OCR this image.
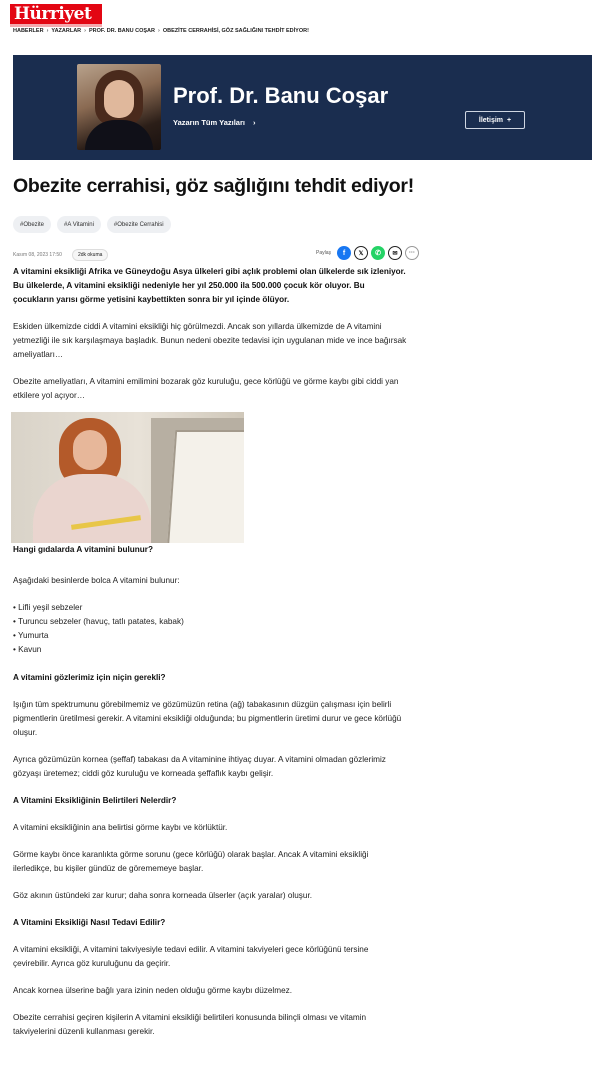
Hürriyet
HABERLER › YAZARLAR › PROF. DR. BANU COŞAR › OBEZİTE CERRAHİSİ, GÖZ SAĞLIĞINI TEHDİT EDİYOR!
Prof. Dr. Banu Coşar
Yazarın Tüm Yazıları ›	İletişim +
Obezite cerrahisi, göz sağlığını tehdit ediyor!
#Obezite	#A Vitamini	#Obezite Cerrahisi
Kasım 08, 2023 17:50	2dk okuma	Paylaş	f	𝕏	✆	✉	···

A vitamini eksikliği Afrika ve Güneydoğu Asya ülkeleri gibi açlık problemi olan ülkelerde sık izleniyor. Bu ülkelerde, A vitamini eksikliği nedeniyle her yıl 250.000 ila 500.000 çocuk kör oluyor. Bu çocukların yarısı görme yetisini kaybettikten sonra bir yıl içinde ölüyor.

Eskiden ülkemizde ciddi A vitamini eksikliği hiç görülmezdi. Ancak son yıllarda ülkemizde de A vitamini yetmezliği ile sık karşılaşmaya başladık. Bunun nedeni obezite tedavisi için uygulanan mide ve ince bağırsak ameliyatları…

Obezite ameliyatları, A vitamini emilimini bozarak göz kuruluğu, gece körlüğü ve görme kaybı gibi ciddi yan etkilere yol açıyor…

Hangi gıdalarda A vitamini bulunur?

Aşağıdaki besinlerde bolca A vitamini bulunur:

• Lifli yeşil sebzeler
• Turuncu sebzeler (havuç, tatlı patates, kabak)
• Yumurta
• Kavun
A vitamini gözlerimiz için niçin gerekli?

Işığın tüm spektrumunu görebilmemiz ve gözümüzün retina (ağ) tabakasının düzgün çalışması için belirli pigmentlerin üretilmesi gerekir. A vitamini eksikliği olduğunda; bu pigmentlerin üretimi durur ve gece körlüğü oluşur.

Ayrıca gözümüzün kornea (şeffaf) tabakası da A vitaminine ihtiyaç duyar. A vitamini olmadan gözlerimiz gözyaşı üretemez; ciddi göz kuruluğu ve korneada şeffaflık kaybı gelişir.

A Vitamini Eksikliğinin Belirtileri Nelerdir?

A vitamini eksikliğinin ana belirtisi görme kaybı ve körlüktür.

Görme kaybı önce karanlıkta görme sorunu (gece körlüğü) olarak başlar. Ancak A vitamini eksikliği ilerledikçe, bu kişiler gündüz de görememeye başlar.

Göz akının üstündeki zar kurur; daha sonra korneada ülserler (açık yaralar) oluşur.

A Vitamini Eksikliği Nasıl Tedavi Edilir?

A vitamini eksikliği, A vitamini takviyesiyle tedavi edilir. A vitamini takviyeleri gece körlüğünü tersine çevirebilir. Ayrıca göz kuruluğunu da geçirir.

Ancak kornea ülserine bağlı yara izinin neden olduğu görme kaybı düzelmez.

Obezite cerrahisi geçiren kişilerin A vitamini eksikliği belirtileri konusunda bilinçli olması ve vitamin takviyelerini düzenli kullanması gerekir.
